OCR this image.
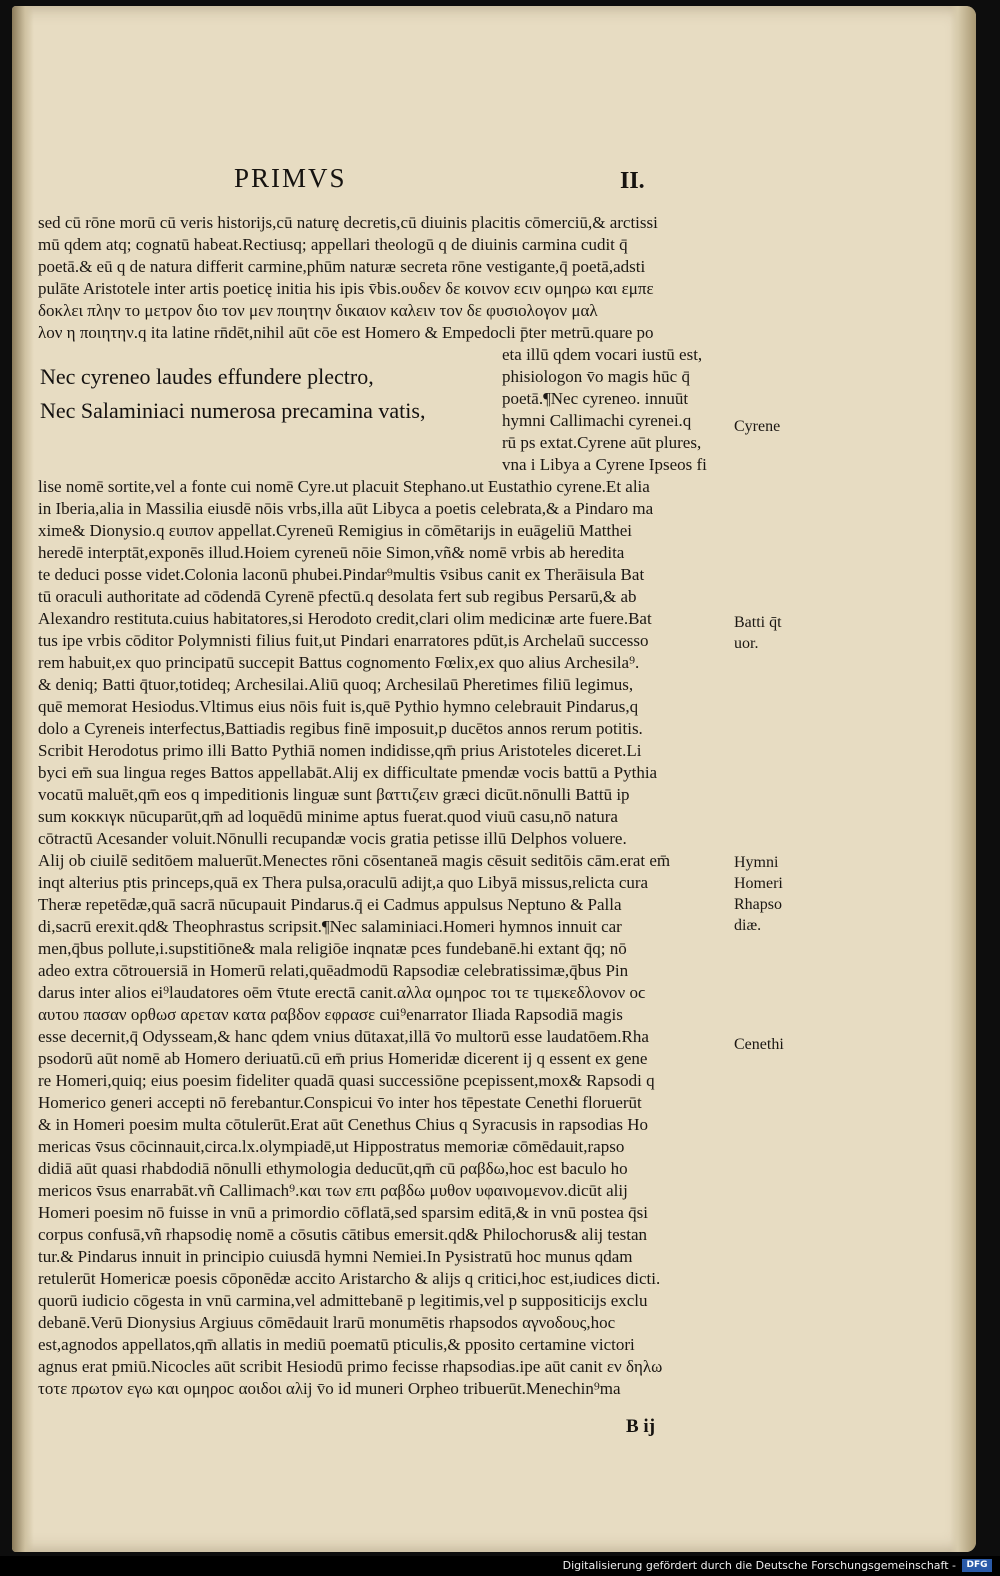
PRIMVS	II.
sed cū rōne morū cū veris historijs,cū naturę decretis,cū diuinis placitis cōmerciū,& arctissi
mū qdem atq; cognatū habeat.Rectiusq; appellari theologū q de diuinis carmina cudit q̄
poetā.& eū q de natura differit carmine,phūm naturæ secreta rōne vestigante,q̄ poetā,adsti
pulāte Aristotele inter artis poeticę initia his ipis v̄bis.ουδεν δε κοινον εϲιν ομηρω και εμπε
δοκλει πλην το μετρον διο τον μεν ποιητην δικαιον καλειν τον δε φυσιολογον μαλ
λον η ποιητην.q ita latine rn̄dēt,nihil aūt cōe est Homero & Empedocli p̄ter metrū.quare po
Nec cyreneo laudes effundere plectro,
Nec Salaminiaci numerosa precamina vatis,
eta illū qdem vocari iustū est,
phisiologon v̄o magis hūc q̄
poetā.¶Nec cyreneo. innuūt
hymni Callimachi cyrenei.q
rū ps extat.Cyrene aūt plures,
vna i Libya a Cyrene Ipseos fi
lise nomē sortite,vel a fonte cui nomē Cyre.ut placuit Stephano.ut Eustathio cyrene.Et alia
in Iberia,alia in Massilia eiusdē nōis vrbs,illa aūt Libyca a poetis celebrata,& a Pindaro ma
xime& Dionysio.q ευιπον appellat.Cyreneū Remigius in cōmētarijs in euāgeliū Matthei
heredē interptāt,exponēs illud.Hoiem cyreneū nōie Simon,vñ& nomē vrbis ab heredita
te deduci posse videt.Colonia laconū phubei.Pindar⁹multis v̄sibus canit ex Therāisula Bat
tū oraculi authoritate ad cōdendā Cyrenē pfectū.q desolata fert sub regibus Persarū,& ab
Alexandro restituta.cuius habitatores,si Herodoto credit,clari olim medicinæ arte fuere.Bat
tus ipe vrbis cōditor Polymnisti filius fuit,ut Pindari enarratores pdūt,is Archelaū successo
rem habuit,ex quo principatū succepit Battus cognomento Fœlix,ex quo alius Archesila⁹.
& deniq; Batti q̄tuor,totideq; Archesilai.Aliū quoq; Archesilaū Pheretimes filiū legimus,
quē memorat Hesiodus.Vltimus eius nōis fuit is,quē Pythio hymno celebrauit Pindarus,q
dolo a Cyreneis interfectus,Battiadis regibus finē imposuit,p ducētos annos rerum potitis.
Scribit Herodotus primo illi Batto Pythiā nomen indidisse,qm̄ prius Aristoteles diceret.Li
byci em̄ sua lingua reges Battos appellabāt.Alij ex difficultate pmendæ vocis battū a Pythia
vocatū maluēt,qm̄ eos q impeditionis linguæ sunt βαττιζειν græci dicūt.nōnulli Battū ip
sum κοκκιγκ nūcuparūt,qm̄ ad loquēdū minime aptus fuerat.quod viuū casu,nō natura
cōtractū Acesander voluit.Nōnulli recupandæ vocis gratia petisse illū Delphos voluere.
Alij ob ciuilē seditōem maluerūt.Menectes rōni cōsentaneā magis cēsuit seditōis cām.erat em̄
inqt alterius ptis princeps,quā ex Thera pulsa,oraculū adijt,a quo Libyā missus,relicta cura
Theræ repetēdæ,quā sacrā nūcupauit Pindarus.q̄ ei Cadmus appulsus Neptuno & Palla
di,sacrū erexit.qd& Theophrastus scripsit.¶Nec salaminiaci.Homeri hymnos innuit car
men,q̄bus pollute,i.supstitiōne& mala religiōe inqnatæ pces fundebanē.hi extant q̄q; nō
adeo extra cōtrouersiā in Homerū relati,quēadmodū Rapsodiæ celebratissimæ,q̄bus Pin
darus inter alios ei⁹laudatores oēm v̄tute erectā canit.αλλα ομηροϲ τοι τε τιμεκεδλονον οϲ
αυτου πασαν ορθωσ αρεταν κατα ραβδον εφρασε cui⁹enarrator Iliada Rapsodiā magis
esse decernit,q̄ Odysseam,& hanc qdem vnius dūtaxat,illā v̄o multorū esse laudatōem.Rha
psodorū aūt nomē ab Homero deriuatū.cū em̄ prius Homeridæ dicerent ij q essent ex gene
re Homeri,quiq; eius poesim fideliter quadā quasi successiōne pcepissent,mox& Rapsodi q
Homerico generi accepti nō ferebantur.Conspicui v̄o inter hos tēpestate Cenethi floruerūt
& in Homeri poesim multa cōtulerūt.Erat aūt Cenethus Chius q Syracusis in rapsodias Ho
mericas v̄sus cōcinnauit,circa.lx.olympiadē,ut Hippostratus memoriæ cōmēdauit,rapso
didiā aūt quasi rhabdodiā nōnulli ethymologia deducūt,qm̄ cū ραβδω,hoc est baculo ho
mericos v̄sus enarrabāt.vñ Callimach⁹.και των επι ραβδω μυθον υφαινομενον.dicūt alij
Homeri poesim nō fuisse in vnū a primordio cōflatā,sed sparsim editā,& in vnū postea q̄si
corpus confusā,vñ rhapsodię nomē a cōsutis cātibus emersit.qd& Philochorus& alij testan
tur.& Pindarus innuit in principio cuiusdā hymni Nemiei.In Pysistratū hoc munus qdam
retulerūt Homericæ poesis cōponēdæ accito Aristarcho & alijs q critici,hoc est,iudices dicti.
quorū iudicio cōgesta in vnū carmina,vel admittebanē p legitimis,vel p suppositicijs exclu
debanē.Verū Dionysius Argiuus cōmēdauit lrarū monumētis rhapsodos αγνοδους,hoc
est,agnodos appellatos,qm̄ allatis in mediū poematū pticulis,& pposito certamine victori
agnus erat pmiū.Nicocles aūt scribit Hesiodū primo fecisse rhapsodias.ipe aūt canit εν δηλω
τοτε πρωτον εγω και ομηροϲ αοιδοι αλij v̄o id muneri Orpheo tribuerūt.Menechin⁹ma
Cyrene
Batti q̄t
uor.
Hymni
Homeri
Rhapso
diæ.
Cenethi
B ij
Digitalisierung gefördert durch die Deutsche Forschungsgemeinschaft -	DFG
